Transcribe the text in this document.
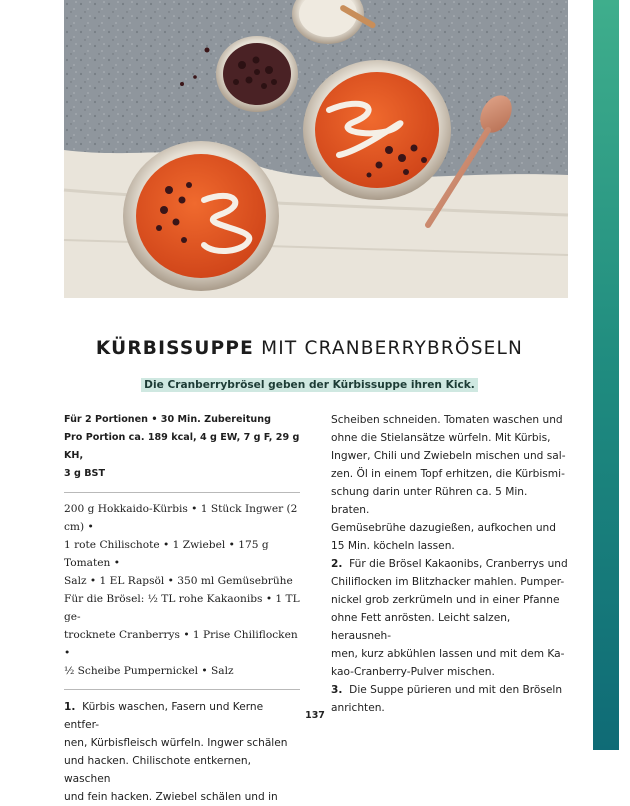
KÜRBISSUPPE MIT CRANBERRYBRÖSELN
Die Cranberrybrösel geben der Kürbissuppe ihren Kick.
Für 2 Portionen • 30 Min. Zubereitung
Pro Portion ca. 189 kcal, 4 g EW, 7 g F, 29 g KH,
3 g BST
200 g Hokkaido-Kürbis • 1 Stück Ingwer (2 cm) •
1 rote Chilischote • 1 Zwiebel • 175 g Tomaten •
Salz • 1 EL Rapsöl • 350 ml Gemüsebrühe
Für die Brösel: ½ TL rohe Kakaonibs • 1 TL ge-
trocknete Cranberrys • 1 Prise Chiliflocken •
½ Scheibe Pumpernickel • Salz
1. Kürbis waschen, Fasern und Kerne entfer-
nen, Kürbisfleisch würfeln. Ingwer schälen
und hacken. Chilischote entkernen, waschen
und fein hacken. Zwiebel schälen und in
Scheiben schneiden. Tomaten waschen und
ohne die Stielansätze würfeln. Mit Kürbis,
Ingwer, Chili und Zwiebeln mischen und sal-
zen. Öl in einem Topf erhitzen, die Kürbismi-
schung darin unter Rühren ca. 5 Min. braten.
Gemüsebrühe dazugießen, aufkochen und
15 Min. köcheln lassen.
2. Für die Brösel Kakaonibs, Cranberrys und
Chiliflocken im Blitzhacker mahlen. Pumper-
nickel grob zerkrümeln und in einer Pfanne
ohne Fett anrösten. Leicht salzen, herausneh-
men, kurz abkühlen lassen und mit dem Ka-
kao-Cranberry-Pulver mischen.
3. Die Suppe pürieren und mit den Bröseln
anrichten.
137
